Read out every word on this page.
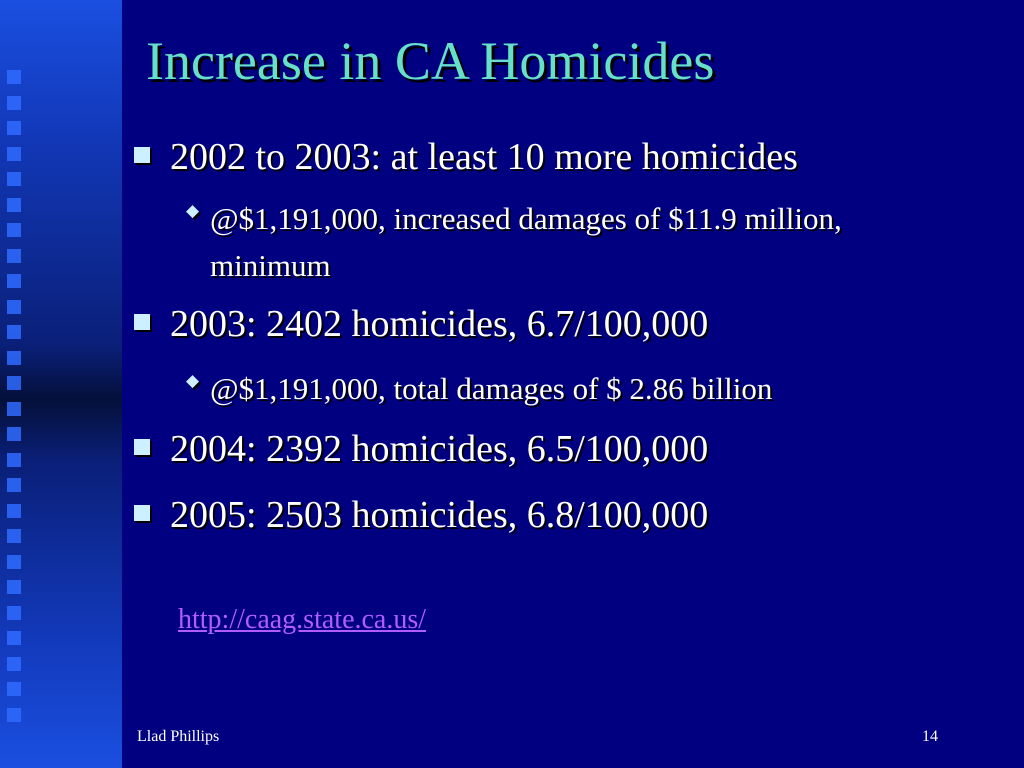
Increase in CA Homicides
2002 to 2003: at least 10 more homicides
◆ @$1,191,000, increased damages of $11.9 million, minimum
2003: 2402 homicides, 6.7/100,000
◆ @$1,191,000, total damages of $ 2.86 billion
2004: 2392 homicides, 6.5/100,000
2005: 2503 homicides, 6.8/100,000
http://caag.state.ca.us/
Llad Phillips	14
